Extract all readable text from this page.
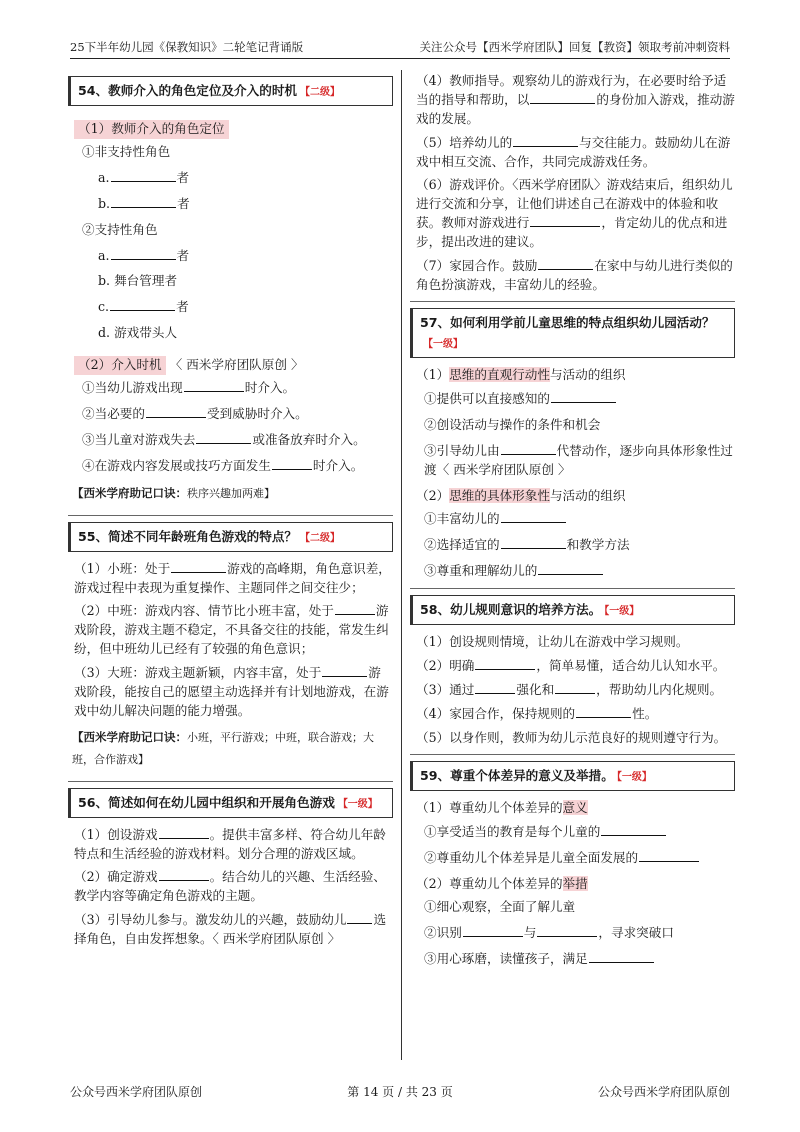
25下半年幼儿园《保教知识》二轮笔记背诵版	关注公众号【西米学府团队】回复【教资】领取考前冲刺资料
54、教师介入的角色定位及介入的时机 【二级】
（1）教师介入的角色定位
①非支持性角色
a.	者
b.	者
②支持性角色
a.	者
b. 舞台管理者
c.	者
d. 游戏带头人
（2）介入时机 〈 西米学府团队原创 〉
①当幼儿游戏出现	时介入。
②当必要的	受到威胁时介入。
③当儿童对游戏失去	或准备放弃时介入。
④在游戏内容发展或技巧方面发生	时介入。
【西米学府助记口诀：秩序兴趣加两难】
55、简述不同年龄班角色游戏的特点？ 【二级】
（1）小班：处于	游戏的高峰期，角色意识差，游戏过程中表现为重复操作、主题同伴之间交往少；
（2）中班：游戏内容、情节比小班丰富，处于	游戏阶段，游戏主题不稳定，不具备交往的技能，常发生纠纷，但中班幼儿已经有了较强的角色意识；
（3）大班：游戏主题新颖，内容丰富，处于	游戏阶段，能按自己的愿望主动选择并有计划地游戏，在游戏中幼儿解决问题的能力增强。
【西米学府助记口诀：小班，平行游戏；中班，联合游戏；大班，合作游戏】
56、简述如何在幼儿园中组织和开展角色游戏 【一级】
（1）创设游戏	。提供丰富多样、符合幼儿年龄特点和生活经验的游戏材料。划分合理的游戏区域。
（2）确定游戏	。结合幼儿的兴趣、生活经验、教学内容等确定角色游戏的主题。
（3）引导幼儿参与。激发幼儿的兴趣，鼓励幼儿 选择角色，自由发挥想象。〈 西米学府团队原创 〉
（4）教师指导。观察幼儿的游戏行为，在必要时给予适当的指导和帮助，以	的身份加入游戏，推动游戏的发展。
（5）培养幼儿的	与交往能力。鼓励幼儿在游戏中相互交流、合作，共同完成游戏任务。
（6）游戏评价。〈西米学府团队〉游戏结束后，组织幼儿进行交流和分享，让他们讲述自己在游戏中的体验和收获。教师对游戏进行	，肯定幼儿的优点和进步，提出改进的建议。
（7）家园合作。鼓励	在家中与幼儿进行类似的角色扮演游戏，丰富幼儿的经验。
57、如何利用学前儿童思维的特点组织幼儿园活动？【一级】
（1）思维的直观行动性与活动的组织
①提供可以直接感知的
②创设活动与操作的条件和机会
③引导幼儿由	代替动作，逐步向具体形象性过渡〈 西米学府团队原创 〉
（2）思维的具体形象性与活动的组织
①丰富幼儿的
②选择适宜的	和教学方法
③尊重和理解幼儿的
58、幼儿规则意识的培养方法。 【一级】
（1）创设规则情境，让幼儿在游戏中学习规则。
（2）明确	，简单易懂，适合幼儿认知水平。
（3）通过	强化和	，帮助幼儿内化规则。
（4）家园合作，保持规则的	性。
（5）以身作则，教师为幼儿示范良好的规则遵守行为。
59、尊重个体差异的意义及举措。 【一级】
（1）尊重幼儿个体差异的意义
①享受适当的教育是每个儿童的
②尊重幼儿个体差异是儿童全面发展的
（2）尊重幼儿个体差异的举措
①细心观察，全面了解儿童
②识别	与	，寻求突破口
③用心琢磨，读懂孩子，满足
公众号西米学府团队原创	第 14 页 / 共 23 页	公众号西米学府团队原创
